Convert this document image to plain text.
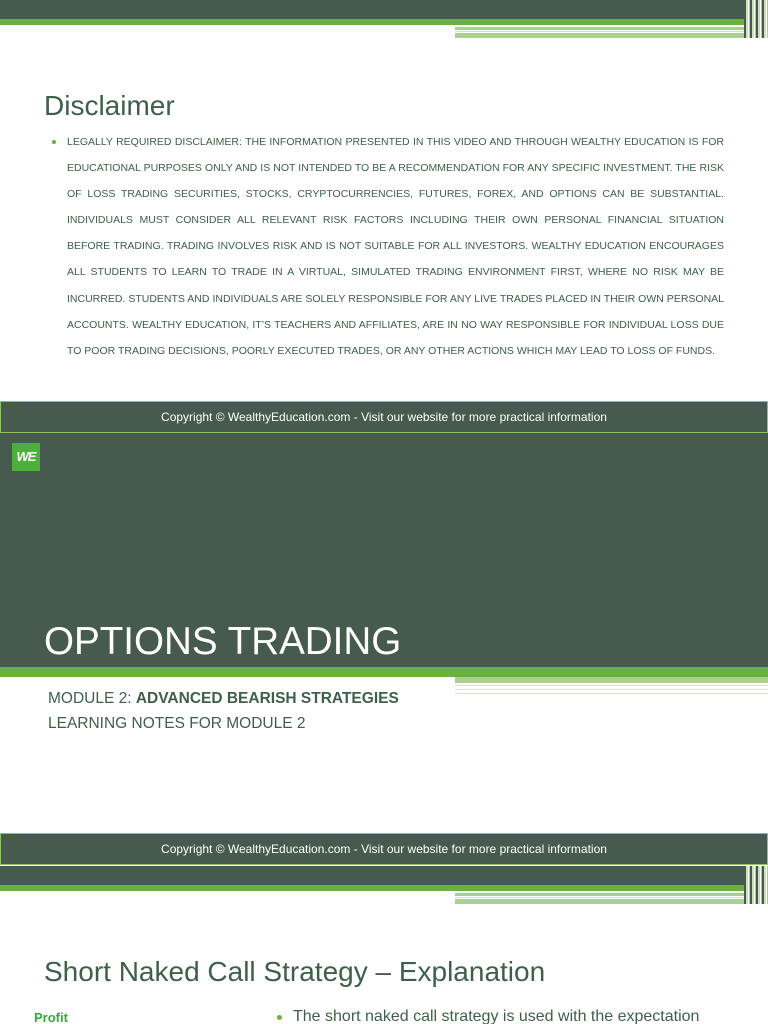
Disclaimer

LEGALLY REQUIRED DISCLAIMER: THE INFORMATION PRESENTED IN THIS VIDEO AND THROUGH WEALTHY EDUCATION IS FOR EDUCATIONAL PURPOSES ONLY AND IS NOT INTENDED TO BE A RECOMMENDATION FOR ANY SPECIFIC INVESTMENT. THE RISK OF LOSS TRADING SECURITIES, STOCKS, CRYPTOCURRENCIES, FUTURES, FOREX, AND OPTIONS CAN BE SUBSTANTIAL. INDIVIDUALS MUST CONSIDER ALL RELEVANT RISK FACTORS INCLUDING THEIR OWN PERSONAL FINANCIAL SITUATION BEFORE TRADING. TRADING INVOLVES RISK AND IS NOT SUITABLE FOR ALL INVESTORS. WEALTHY EDUCATION ENCOURAGES ALL STUDENTS TO LEARN TO TRADE IN A VIRTUAL, SIMULATED TRADING ENVIRONMENT FIRST, WHERE NO RISK MAY BE INCURRED. STUDENTS AND INDIVIDUALS ARE SOLELY RESPONSIBLE FOR ANY LIVE TRADES PLACED IN THEIR OWN PERSONAL ACCOUNTS. WEALTHY EDUCATION, IT’S TEACHERS AND AFFILIATES, ARE IN NO WAY RESPONSIBLE FOR INDIVIDUAL LOSS DUE TO POOR TRADING DECISIONS, POORLY EXECUTED TRADES, OR ANY OTHER ACTIONS WHICH MAY LEAD TO LOSS OF FUNDS.

Copyright © WealthyEducation.com - Visit our website for more practical information
WE
OPTIONS TRADING
MODULE 2: ADVANCED BEARISH STRATEGIES
LEARNING NOTES FOR MODULE 2
Copyright © WealthyEducation.com - Visit our website for more practical information
Short Naked Call Strategy – Explanation
Profit	The short naked call strategy is used with the expectation
